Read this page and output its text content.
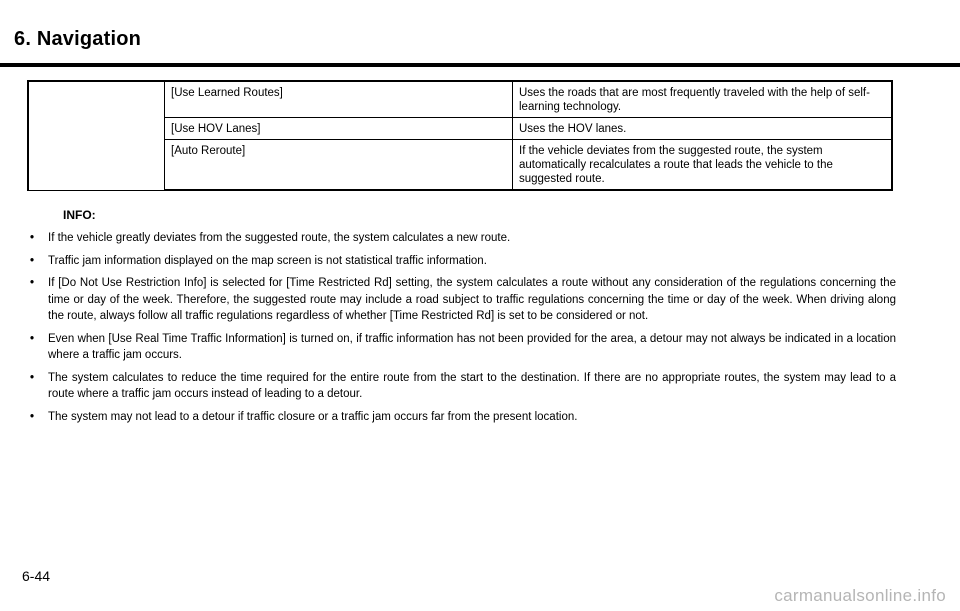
6. Navigation
	[Use Learned Routes]	Uses the roads that are most frequently traveled with the help of self-learning technology.
	[Use HOV Lanes]	Uses the HOV lanes.
	[Auto Reroute]	If the vehicle deviates from the suggested route, the system automatically recalculates a route that leads the vehicle to the suggested route.
INFO:
• If the vehicle greatly deviates from the suggested route, the system calculates a new route.
• Traffic jam information displayed on the map screen is not statistical traffic information.
• If [Do Not Use Restriction Info] is selected for [Time Restricted Rd] setting, the system calculates a route without any consideration of the regulations concerning the time or day of the week. Therefore, the suggested route may include a road subject to traffic regulations concerning the time or day of the week. When driving along the route, always follow all traffic regulations regardless of whether [Time Restricted Rd] is set to be considered or not.
• Even when [Use Real Time Traffic Information] is turned on, if traffic information has not been provided for the area, a detour may not always be indicated in a location where a traffic jam occurs.
• The system calculates to reduce the time required for the entire route from the start to the destination. If there are no appropriate routes, the system may lead to a route where a traffic jam occurs instead of leading to a detour.
• The system may not lead to a detour if traffic closure or a traffic jam occurs far from the present location.
6-44
carmanualsonline.info
